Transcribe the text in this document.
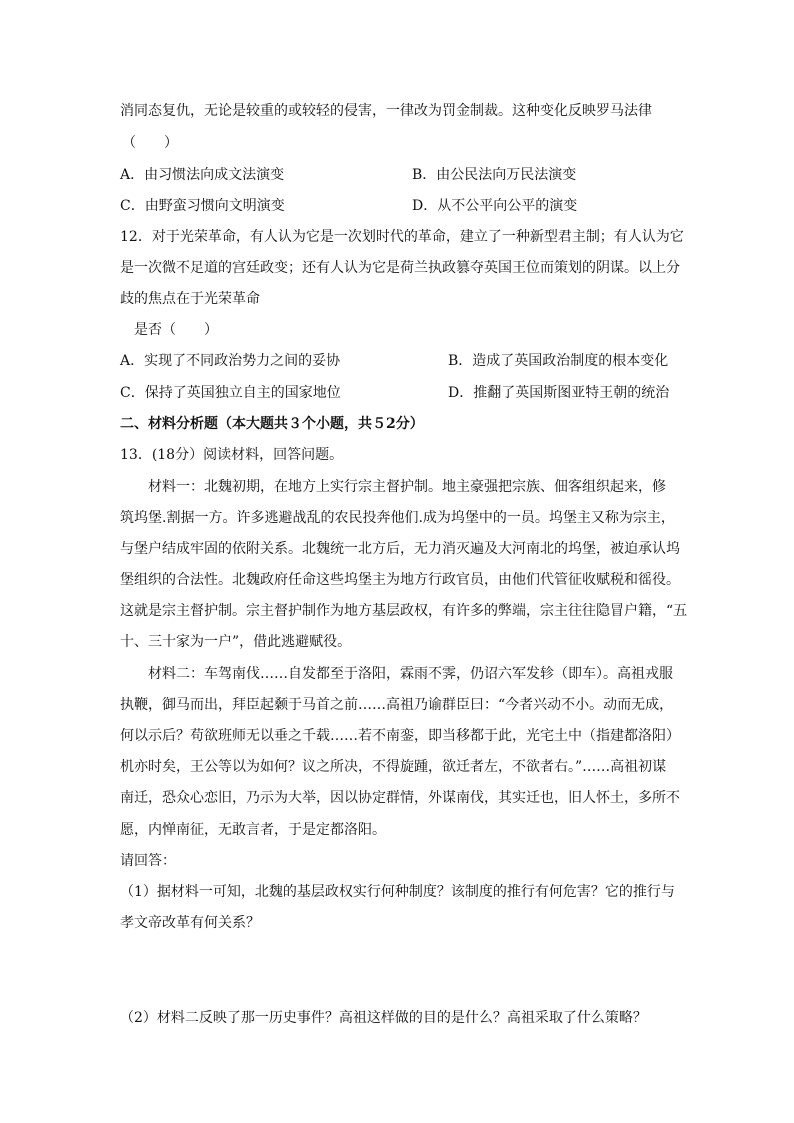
消同态复仇，无论是较重的或较轻的侵害，一律改为罚金制裁。这种变化反映罗马法律
（　　）
A．由习惯法向成文法演变	B．由公民法向万民法演变
C．由野蛮习惯向文明演变	D．从不公平向公平的演变
12．对于光荣革命，有人认为它是一次划时代的革命，建立了一种新型君主制；有人认为它
是一次微不足道的宫廷政变；还有人认为它是荷兰执政篡夺英国王位而策划的阴谋。以上分
歧的焦点在于光荣革命
是否（　　）
A．实现了不同政治势力之间的妥协	B．造成了英国政治制度的根本变化
C．保持了英国独立自主的国家地位	D．推翻了英国斯图亚特王朝的统治
二、材料分析题（本大题共３个小题，共５2分）
13．(18分）阅读材料，回答问题。
材料一：北魏初期，在地方上实行宗主督护制。地主豪强把宗族、佃客组织起来，修
筑坞堡.割据一方。许多逃避战乱的农民投奔他们.成为坞堡中的一员。坞堡主又称为宗主，
与堡户结成牢固的依附关系。北魏统一北方后，无力消灭遍及大河南北的坞堡，被迫承认坞
堡组织的合法性。北魏政府任命这些坞堡主为地方行政官员，由他们代管征收赋税和徭役。
这就是宗主督护制。宗主督护制作为地方基层政权，有许多的弊端，宗主往往隐冒户籍，“五
十、三十家为一户”，借此逃避赋役。
材料二：车驾南伐……自发都至于洛阳，霖雨不霁，仍诏六军发轸（即车）。高祖戎服
执鞭，御马而出，拜臣起颡于马首之前……高祖乃谕群臣曰：“今者兴动不小。动而无成，
何以示后？苟欲班师无以垂之千载……若不南銮，即当移都于此，光宅土中（指建都洛阳）
机亦时矣，王公等以为如何？议之所决，不得旋踵，欲迁者左，不欲者右。”……高祖初谋
南迁，恐众心恋旧，乃示为大举，因以协定群情，外谋南伐，其实迁也，旧人怀土，多所不
愿，内惮南征，无敢言者，于是定都洛阳。
请回答：
（1）据材料一可知，北魏的基层政权实行何种制度？该制度的推行有何危害？它的推行与
孝文帝改革有何关系？
（2）材料二反映了那一历史事件？高祖这样做的目的是什么？高祖采取了什么策略？
